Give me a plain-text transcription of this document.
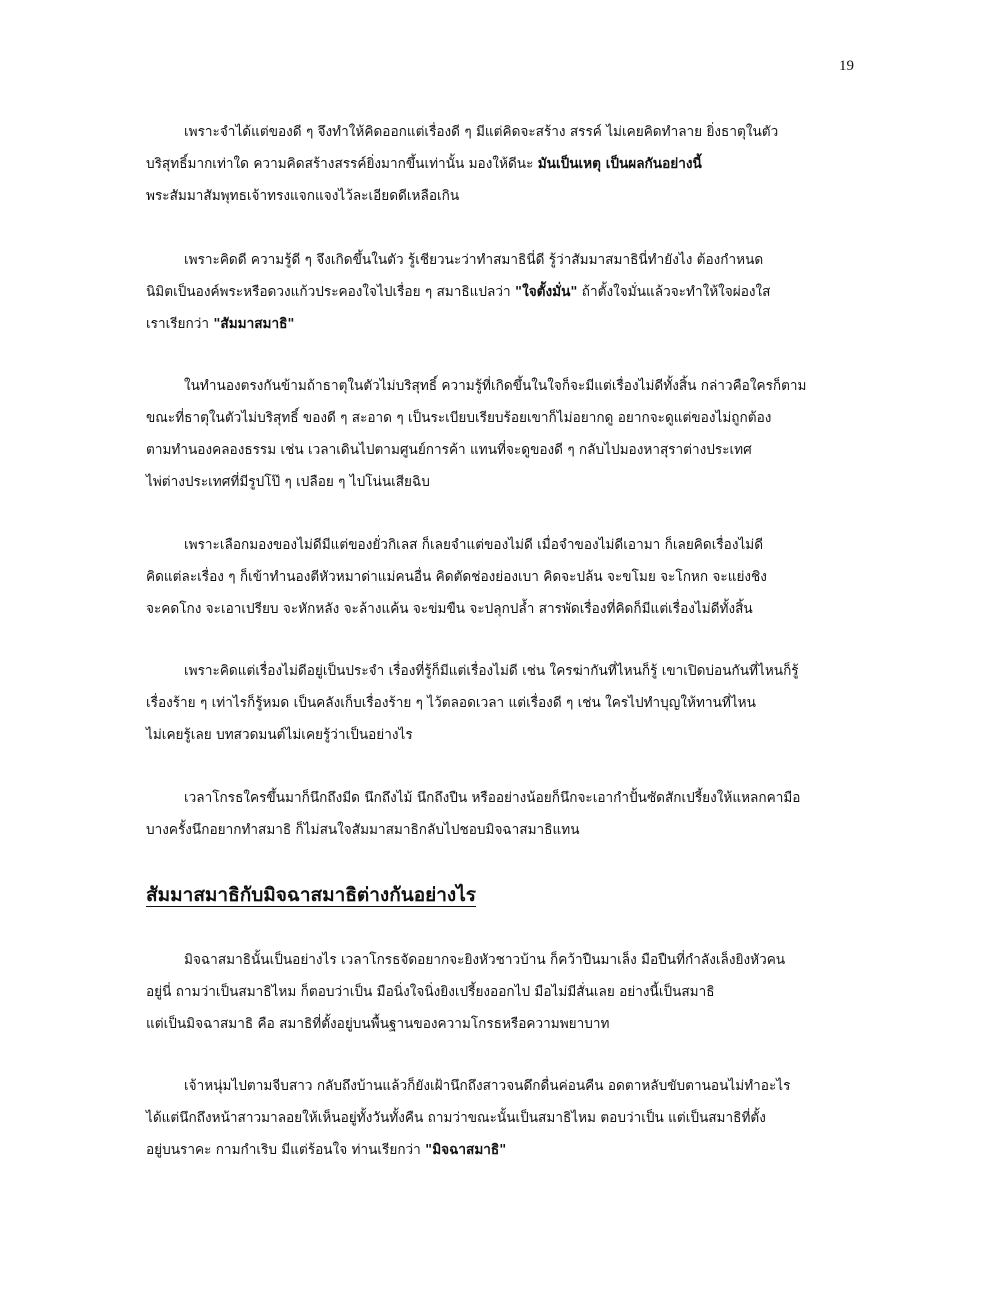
19
สัมมาสมาธิกับมิจฉาสมาธิต่างกันอย่างไร
เพราะจำได้แต่ของดี ๆ จึงทำให้คิดออกแต่เรื่องดี ๆ มีแต่คิดจะสร้าง สรรค์ ไม่เคยคิดทำลาย ยิ่งธาตุในตัว
บริสุทธิ์มากเท่าใด ความคิดสร้างสรรค์ยิ่งมากขึ้นเท่านั้น มองให้ดีนะ มันเป็นเหตุ เป็นผลกันอย่างนี้
พระสัมมาสัมพุทธเจ้าทรงแจกแจงไว้ละเอียดดีเหลือเกิน
เพราะคิดดี ความรู้ดี ๆ จึงเกิดขึ้นในตัว รู้เชียวนะว่าทำสมาธินี่ดี รู้ว่าสัมมาสมาธินี่ทำยังไง ต้องกำหนด
นิมิตเป็นองค์พระหรือดวงแก้วประคองใจไปเรื่อย ๆ สมาธิแปลว่า "ใจตั้งมั่น" ถ้าตั้งใจมั่นแล้วจะทำให้ใจผ่องใส
เราเรียกว่า "สัมมาสมาธิ"
ในทำนองตรงกันข้ามถ้าธาตุในตัวไม่บริสุทธิ์ ความรู้ที่เกิดขึ้นในใจก็จะมีแต่เรื่องไม่ดีทั้งสิ้น กล่าวคือใครก็ตาม
ขณะที่ธาตุในตัวไม่บริสุทธิ์ ของดี ๆ สะอาด ๆ เป็นระเบียบเรียบร้อยเขาก็ไม่อยากดู อยากจะดูแต่ของไม่ถูกต้อง
ตามทำนองคลองธรรม เช่น เวลาเดินไปตามศูนย์การค้า แทนที่จะดูของดี ๆ กลับไปมองหาสุราต่างประเทศ
ไพ่ต่างประเทศที่มีรูปโป๊ ๆ เปลือย ๆ ไปโน่นเสียฉิบ
เพราะเลือกมองของไม่ดีมีแต่ของยั่วกิเลส ก็เลยจำแต่ของไม่ดี เมื่อจำของไม่ดีเอามา ก็เลยคิดเรื่องไม่ดี
คิดแต่ละเรื่อง ๆ ก็เข้าทำนองตีหัวหมาด่าแม่คนอื่น คิดตัดช่องย่องเบา คิดจะปล้น จะขโมย จะโกหก จะแย่งชิง
จะคดโกง จะเอาเปรียบ จะหักหลัง จะล้างแค้น จะข่มขืน จะปลุกปล้ำ สารพัดเรื่องที่คิดก็มีแต่เรื่องไม่ดีทั้งสิ้น
เพราะคิดแต่เรื่องไม่ดีอยู่เป็นประจำ เรื่องที่รู้ก็มีแต่เรื่องไม่ดี เช่น ใครฆ่ากันที่ไหนก็รู้ เขาเปิดบ่อนกันที่ไหนก็รู้
เรื่องร้าย ๆ เท่าไรก็รู้หมด เป็นคลังเก็บเรื่องร้าย ๆ ไว้ตลอดเวลา แต่เรื่องดี ๆ เช่น ใครไปทำบุญให้ทานที่ไหน
ไม่เคยรู้เลย บทสวดมนต์ไม่เคยรู้ว่าเป็นอย่างไร
เวลาโกรธใครขึ้นมาก็นึกถึงมีด นึกถึงไม้ นึกถึงปืน หรืออย่างน้อยก็นึกจะเอากำปั้นซัดสักเปรี้ยงให้แหลกคามือ
บางครั้งนึกอยากทำสมาธิ ก็ไม่สนใจสัมมาสมาธิกลับไปชอบมิจฉาสมาธิแทน
มิจฉาสมาธินั้นเป็นอย่างไร เวลาโกรธจัดอยากจะยิงหัวชาวบ้าน ก็คว้าปืนมาเล็ง มือปืนที่กำลังเล็งยิงหัวคน
อยู่นี่ ถามว่าเป็นสมาธิไหม ก็ตอบว่าเป็น มือนิ่งใจนิ่งยิงเปรี้ยงออกไป มือไม่มีสั่นเลย อย่างนี้เป็นสมาธิ
แต่เป็นมิจฉาสมาธิ คือ สมาธิที่ตั้งอยู่บนพื้นฐานของความโกรธหรือความพยาบาท
เจ้าหนุ่มไปตามจีบสาว กลับถึงบ้านแล้วก็ยังเฝ้านึกถึงสาวจนดึกดื่นค่อนคืน อดตาหลับขับตานอนไม่ทำอะไร
ได้แต่นึกถึงหน้าสาวมาลอยให้เห็นอยู่ทั้งวันทั้งคืน ถามว่าขณะนั้นเป็นสมาธิไหม ตอบว่าเป็น แต่เป็นสมาธิที่ตั้ง
อยู่บนราคะ กามกำเริบ มีแต่ร้อนใจ ท่านเรียกว่า "มิจฉาสมาธิ"
